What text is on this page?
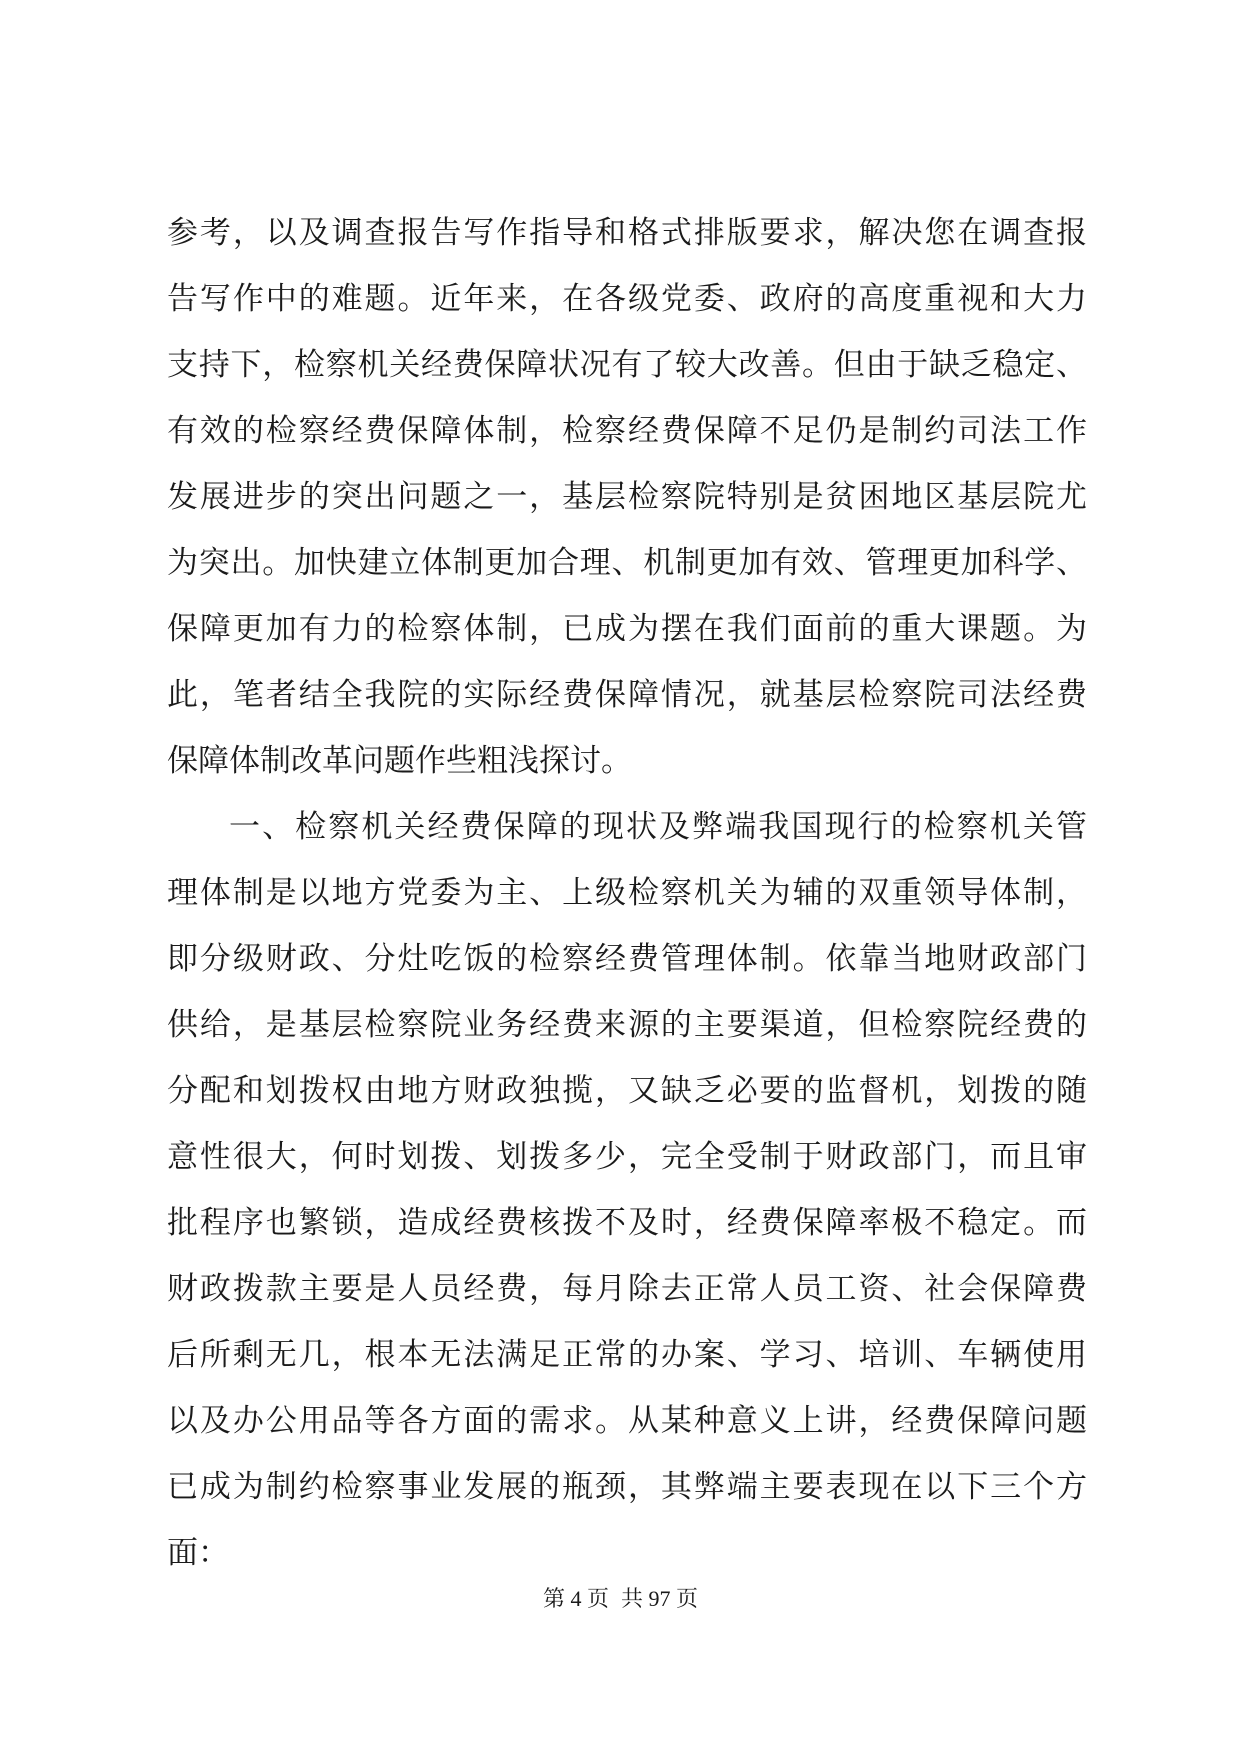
参考，以及调查报告写作指导和格式排版要求，解决您在调查报
告写作中的难题。近年来，在各级党委、政府的高度重视和大力
支持下，检察机关经费保障状况有了较大改善。但由于缺乏稳定、
有效的检察经费保障体制，检察经费保障不足仍是制约司法工作
发展进步的突出问题之一，基层检察院特别是贫困地区基层院尤
为突出。加快建立体制更加合理、机制更加有效、管理更加科学、
保障更加有力的检察体制，已成为摆在我们面前的重大课题。为
此，笔者结全我院的实际经费保障情况，就基层检察院司法经费
保障体制改革问题作些粗浅探讨。
一、检察机关经费保障的现状及弊端我国现行的检察机关管
理体制是以地方党委为主、上级检察机关为辅的双重领导体制，
即分级财政、分灶吃饭的检察经费管理体制。依靠当地财政部门
供给，是基层检察院业务经费来源的主要渠道，但检察院经费的
分配和划拨权由地方财政独揽，又缺乏必要的监督机，划拨的随
意性很大，何时划拨、划拨多少，完全受制于财政部门，而且审
批程序也繁锁，造成经费核拨不及时，经费保障率极不稳定。而
财政拨款主要是人员经费，每月除去正常人员工资、社会保障费
后所剩无几，根本无法满足正常的办案、学习、培训、车辆使用
以及办公用品等各方面的需求。从某种意义上讲，经费保障问题
已成为制约检察事业发展的瓶颈，其弊端主要表现在以下三个方
面：
第 4 页 共 97 页
